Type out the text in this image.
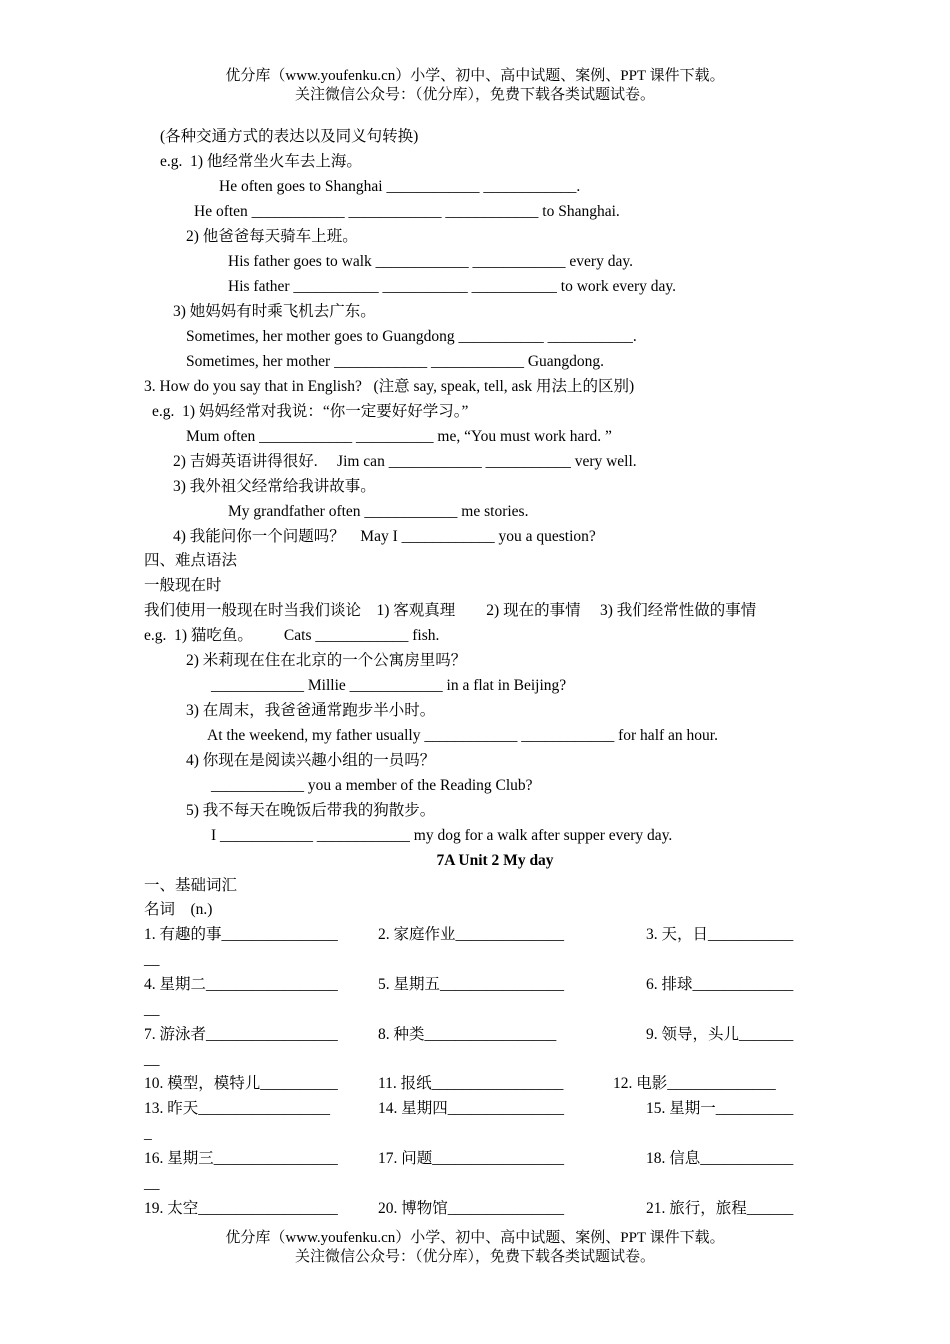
优分库（www.youfenku.cn）小学、初中、高中试题、案例、PPT 课件下载。
关注微信公众号：（优分库），免费下载各类试题试卷。
(各种交通方式的表达以及同义句转换)
e.g.  1) 他经常坐火车去上海。
He often goes to Shanghai ____________ ____________.
He often ____________ ____________ ____________ to Shanghai.
2) 他爸爸每天骑车上班。
His father goes to walk ____________ ____________ every day.
His father ___________ ___________ ___________ to work every day.
3) 她妈妈有时乘飞机去广东。
Sometimes, her mother goes to Guangdong ___________ ___________.
Sometimes, her mother ____________ ____________ Guangdong.
3. How do you say that in English?   (注意 say, speak, tell, ask 用法上的区别)
e.g.  1) 妈妈经常对我说：“你一定要好好学习。”
Mum often ____________ __________ me, “You must work hard. ”
2) 吉姆英语讲得很好.     Jim can ____________ ___________ very well.
3) 我外祖父经常给我讲故事。
My grandfather often ____________ me stories.
4) 我能问你一个问题吗？    May I ____________ you a question?
四、难点语法
一般现在时
我们使用一般现在时当我们谈论    1) 客观真理        2) 现在的事情     3) 我们经常性做的事情
e.g.  1) 猫吃鱼。        Cats ____________ fish.
2) 米莉现在住在北京的一个公寓房里吗？
____________ Millie ____________ in a flat in Beijing?
3) 在周末，我爸爸通常跑步半小时。
At the weekend, my father usually ____________ ____________ for half an hour.
4) 你现在是阅读兴趣小组的一员吗？
____________ you a member of the Reading Club?
5) 我不每天在晚饭后带我的狗散步。
I ____________ ____________ my dog for a walk after supper every day.
7A Unit 2 My day
一、基础词汇
名词    (n.)
1. 有趣的事_______________	2. 家庭作业______________	3. 天，日___________
__
4. 星期二_________________	5. 星期五________________	6. 排球_____________
__
7. 游泳者_________________	8. 种类_________________	9. 领导，头儿_______
__
10. 模型，模特儿__________	11. 报纸_________________	12. 电影______________
13. 昨天_________________	14. 星期四_______________	15. 星期一__________
_
16. 星期三________________	17. 问题_________________	18. 信息____________
__
19. 太空__________________	20. 博物馆_______________	21. 旅行，旅程______
优分库（www.youfenku.cn）小学、初中、高中试题、案例、PPT 课件下载。
关注微信公众号：（优分库），免费下载各类试题试卷。
